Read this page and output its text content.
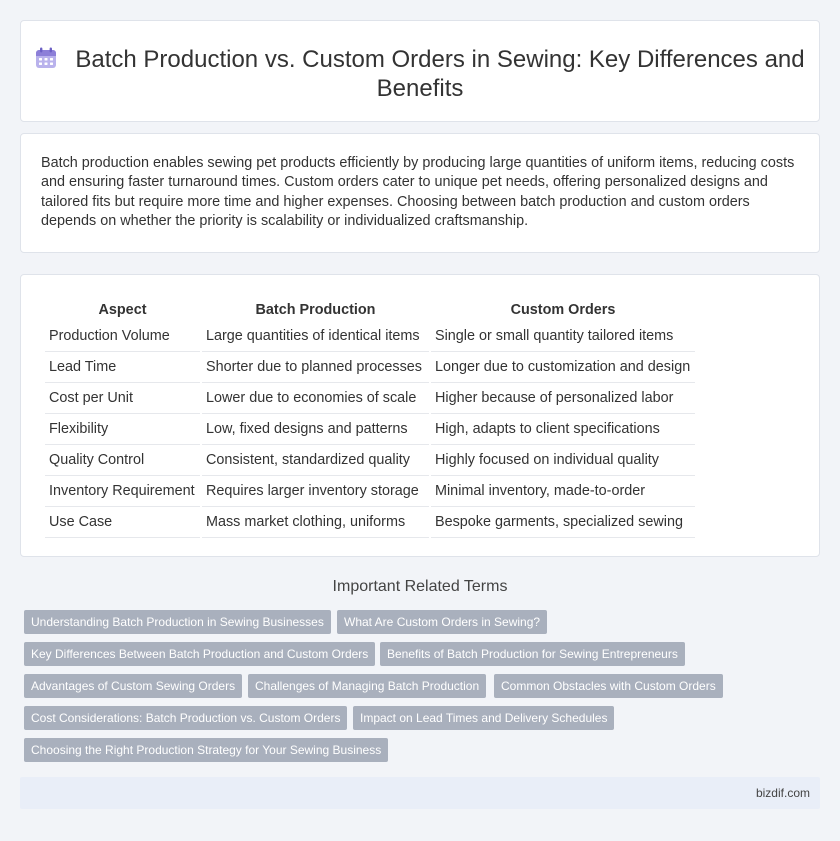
Batch Production vs. Custom Orders in Sewing: Key Differences and Benefits

Batch production enables sewing pet products efficiently by producing large quantities of uniform items, reducing costs and ensuring faster turnaround times. Custom orders cater to unique pet needs, offering personalized designs and tailored fits but require more time and higher expenses. Choosing between batch production and custom orders depends on whether the priority is scalability or individualized craftsmanship.

Aspect	Batch Production	Custom Orders
Production Volume	Large quantities of identical items	Single or small quantity tailored items
Lead Time	Shorter due to planned processes	Longer due to customization and design
Cost per Unit	Lower due to economies of scale	Higher because of personalized labor
Flexibility	Low, fixed designs and patterns	High, adapts to client specifications
Quality Control	Consistent, standardized quality	Highly focused on individual quality
Inventory Requirement	Requires larger inventory storage	Minimal inventory, made-to-order
Use Case	Mass market clothing, uniforms	Bespoke garments, specialized sewing
Important Related Terms
Understanding Batch Production in Sewing Businesses	What Are Custom Orders in Sewing?
Key Differences Between Batch Production and Custom Orders	Benefits of Batch Production for Sewing Entrepreneurs
Advantages of Custom Sewing Orders	Challenges of Managing Batch Production	Common Obstacles with Custom Orders
Cost Considerations: Batch Production vs. Custom Orders	Impact on Lead Times and Delivery Schedules
Choosing the Right Production Strategy for Your Sewing Business
bizdif.com
